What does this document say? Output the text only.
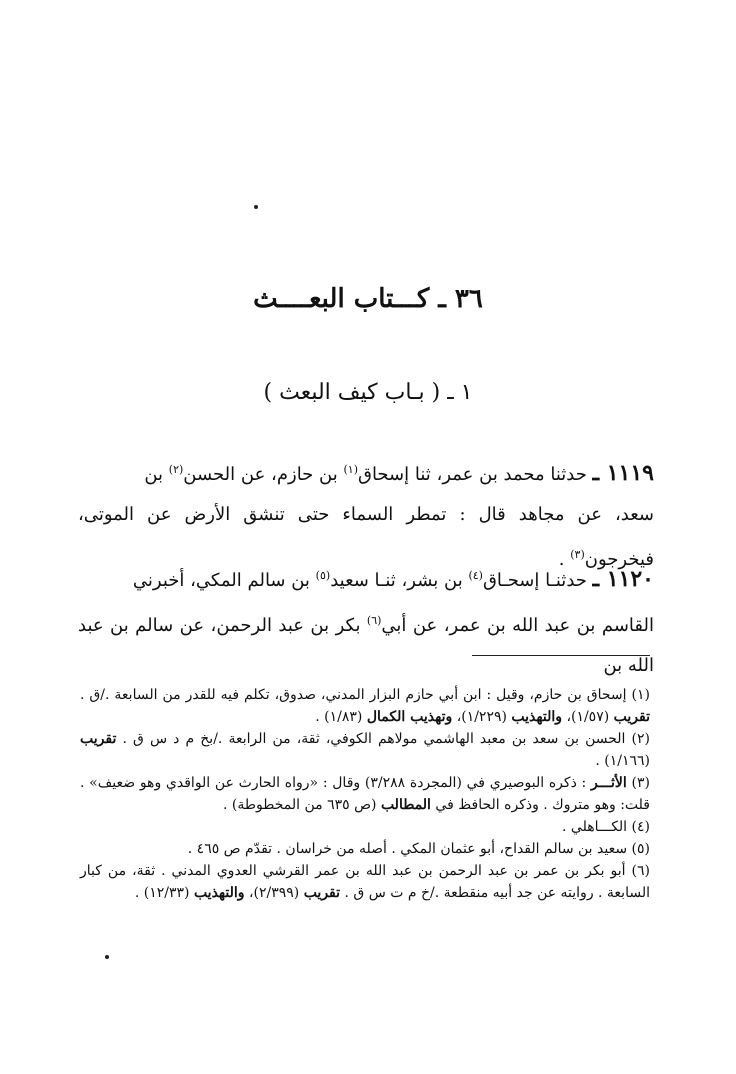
٣٦ ـ كـــتاب البعــــث
١ ـ ( بـاب كيف البعث )
١١١٩ ـ حدثنا محمد بن عمر، ثنا إسحاق$^{(١)}$ بن حازم، عن الحسن$^{(٢)}$ بن
سعد، عن مجاهد قال : تمطر السماء حتى تنشق الأرض عن الموتى، فيخرجون$^{(٣)}$ .
١١٢٠ ـ حدثنـا إسحـاق$^{(٤)}$ بن بشر، ثنـا سعيد$^{(٥)}$ بن سالم المكي، أخبرني
القاسم بن عبد الله بن عمر، عن أبي$^{(٦)}$ بكر بن عبد الرحمن، عن سالم بن عبد الله بن

(١) إسحاق بن حازم، وقيل : ابن أبي حازم البزار المدني، صدوق، تكلم فيه للقدر من السابعة ./ق . تقريب (١/٥٧)، والتهذيب (١/٢٢٩)، وتهذيب الكمال (١/٨٣) .

(٢) الحسن بن سعد بن معبد الهاشمي مولاهم الكوفي، ثقة، من الرابعة ./بخ م د س ق . تقريب (١/١٦٦) .

(٣) الأثـــر : ذكره البوصيري في (المجردة ٣/٢٨٨) وقال : «رواه الحارث عن الواقدي وهو ضعيف» . قلت: وهو متروك . وذكره الحافظ في المطالب (ص ٦٣٥ من المخطوطة) .

(٤) الكـــاهلي .

(٥) سعيد بن سالم القداح، أبو عثمان المكي . أصله من خراسان . تقدّم ص ٤٦٥ .

(٦) أبو بكر بن عمر بن عبد الرحمن بن عبد الله بن عمر القرشي العدوي المدني . ثقة، من كبار السابعة . روايته عن جد أبيه منقطعة ./خ م ت س ق . تقريب (٢/٣٩٩)، والتهذيب (١٢/٣٣) .
